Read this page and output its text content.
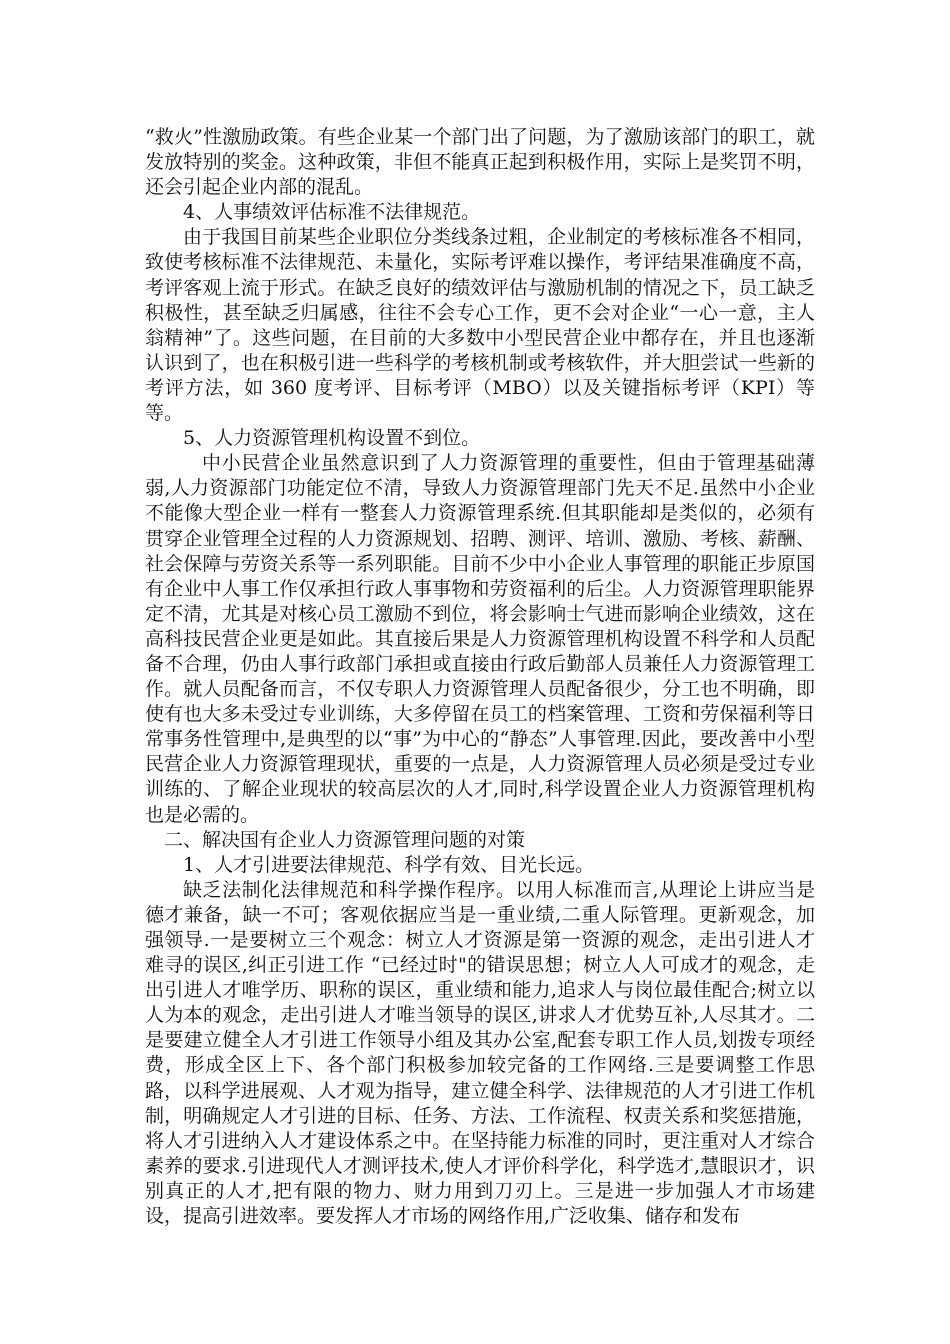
“救火”性激励政策。有些企业某一个部门出了问题，为了激励该部门的职工，就发放特别的奖金。这种政策，非但不能真正起到积极作用，实际上是奖罚不明，还会引起企业内部的混乱。

4、人事绩效评估标准不法律规范。

由于我国目前某些企业职位分类线条过粗，企业制定的考核标准各不相同，致使考核标准不法律规范、未量化，实际考评难以操作，考评结果准确度不高，考评客观上流于形式。在缺乏良好的绩效评估与激励机制的情况之下，员工缺乏积极性，甚至缺乏归属感，往往不会专心工作，更不会对企业“一心一意，主人翁精神”了。这些问题，在目前的大多数中小型民营企业中都存在，并且也逐渐认识到了，也在积极引进一些科学的考核机制或考核软件，并大胆尝试一些新的考评方法，如 360 度考评、目标考评（MBO）以及关键指标考评（KPI）等等。

5、人力资源管理机构设置不到位。

中小民营企业虽然意识到了人力资源管理的重要性，但由于管理基础薄弱,人力资源部门功能定位不清，导致人力资源管理部门先天不足.虽然中小企业不能像大型企业一样有一整套人力资源管理系统.但其职能却是类似的，必须有贯穿企业管理全过程的人力资源规划、招聘、测评、培训、激励、考核、薪酬、社会保障与劳资关系等一系列职能。目前不少中小企业人事管理的职能正步原国有企业中人事工作仅承担行政人事事物和劳资福利的后尘。人力资源管理职能界定不清，尤其是对核心员工激励不到位，将会影响士气进而影响企业绩效，这在高科技民营企业更是如此。其直接后果是人力资源管理机构设置不科学和人员配备不合理，仍由人事行政部门承担或直接由行政后勤部人员兼任人力资源管理工作。就人员配备而言，不仅专职人力资源管理人员配备很少，分工也不明确，即使有也大多未受过专业训练，大多停留在员工的档案管理、工资和劳保福利等日常事务性管理中,是典型的以“事”为中心的“静态”人事管理.因此，要改善中小型民营企业人力资源管理现状，重要的一点是，人力资源管理人员必须是受过专业训练的、了解企业现状的较高层次的人才,同时,科学设置企业人力资源管理机构也是必需的。

二、解决国有企业人力资源管理问题的对策

1、人才引进要法律规范、科学有效、目光长远。

缺乏法制化法律规范和科学操作程序。以用人标准而言,从理论上讲应当是德才兼备，缺一不可；客观依据应当是一重业绩,二重人际管理。更新观念，加强领导.一是要树立三个观念：树立人才资源是第一资源的观念，走出引进人才难寻的误区,纠正引进工作 “已经过时"的错误思想；树立人人可成才的观念，走出引进人才唯学历、职称的误区，重业绩和能力,追求人与岗位最佳配合;树立以人为本的观念，走出引进人才唯当领导的误区,讲求人才优势互补,人尽其才。二是要建立健全人才引进工作领导小组及其办公室,配套专职工作人员,划拨专项经费，形成全区上下、各个部门积极参加较完备的工作网络.三是要调整工作思路，以科学进展观、人才观为指导，建立健全科学、法律规范的人才引进工作机制，明确规定人才引进的目标、任务、方法、工作流程、权责关系和奖惩措施，将人才引进纳入人才建设体系之中。在坚持能力标准的同时，更注重对人才综合素养的要求.引进现代人才测评技术,使人才评价科学化，科学选才,慧眼识才，识别真正的人才,把有限的物力、财力用到刀刃上。三是进一步加强人才市场建设，提高引进效率。要发挥人才市场的网络作用,广泛收集、储存和发布
